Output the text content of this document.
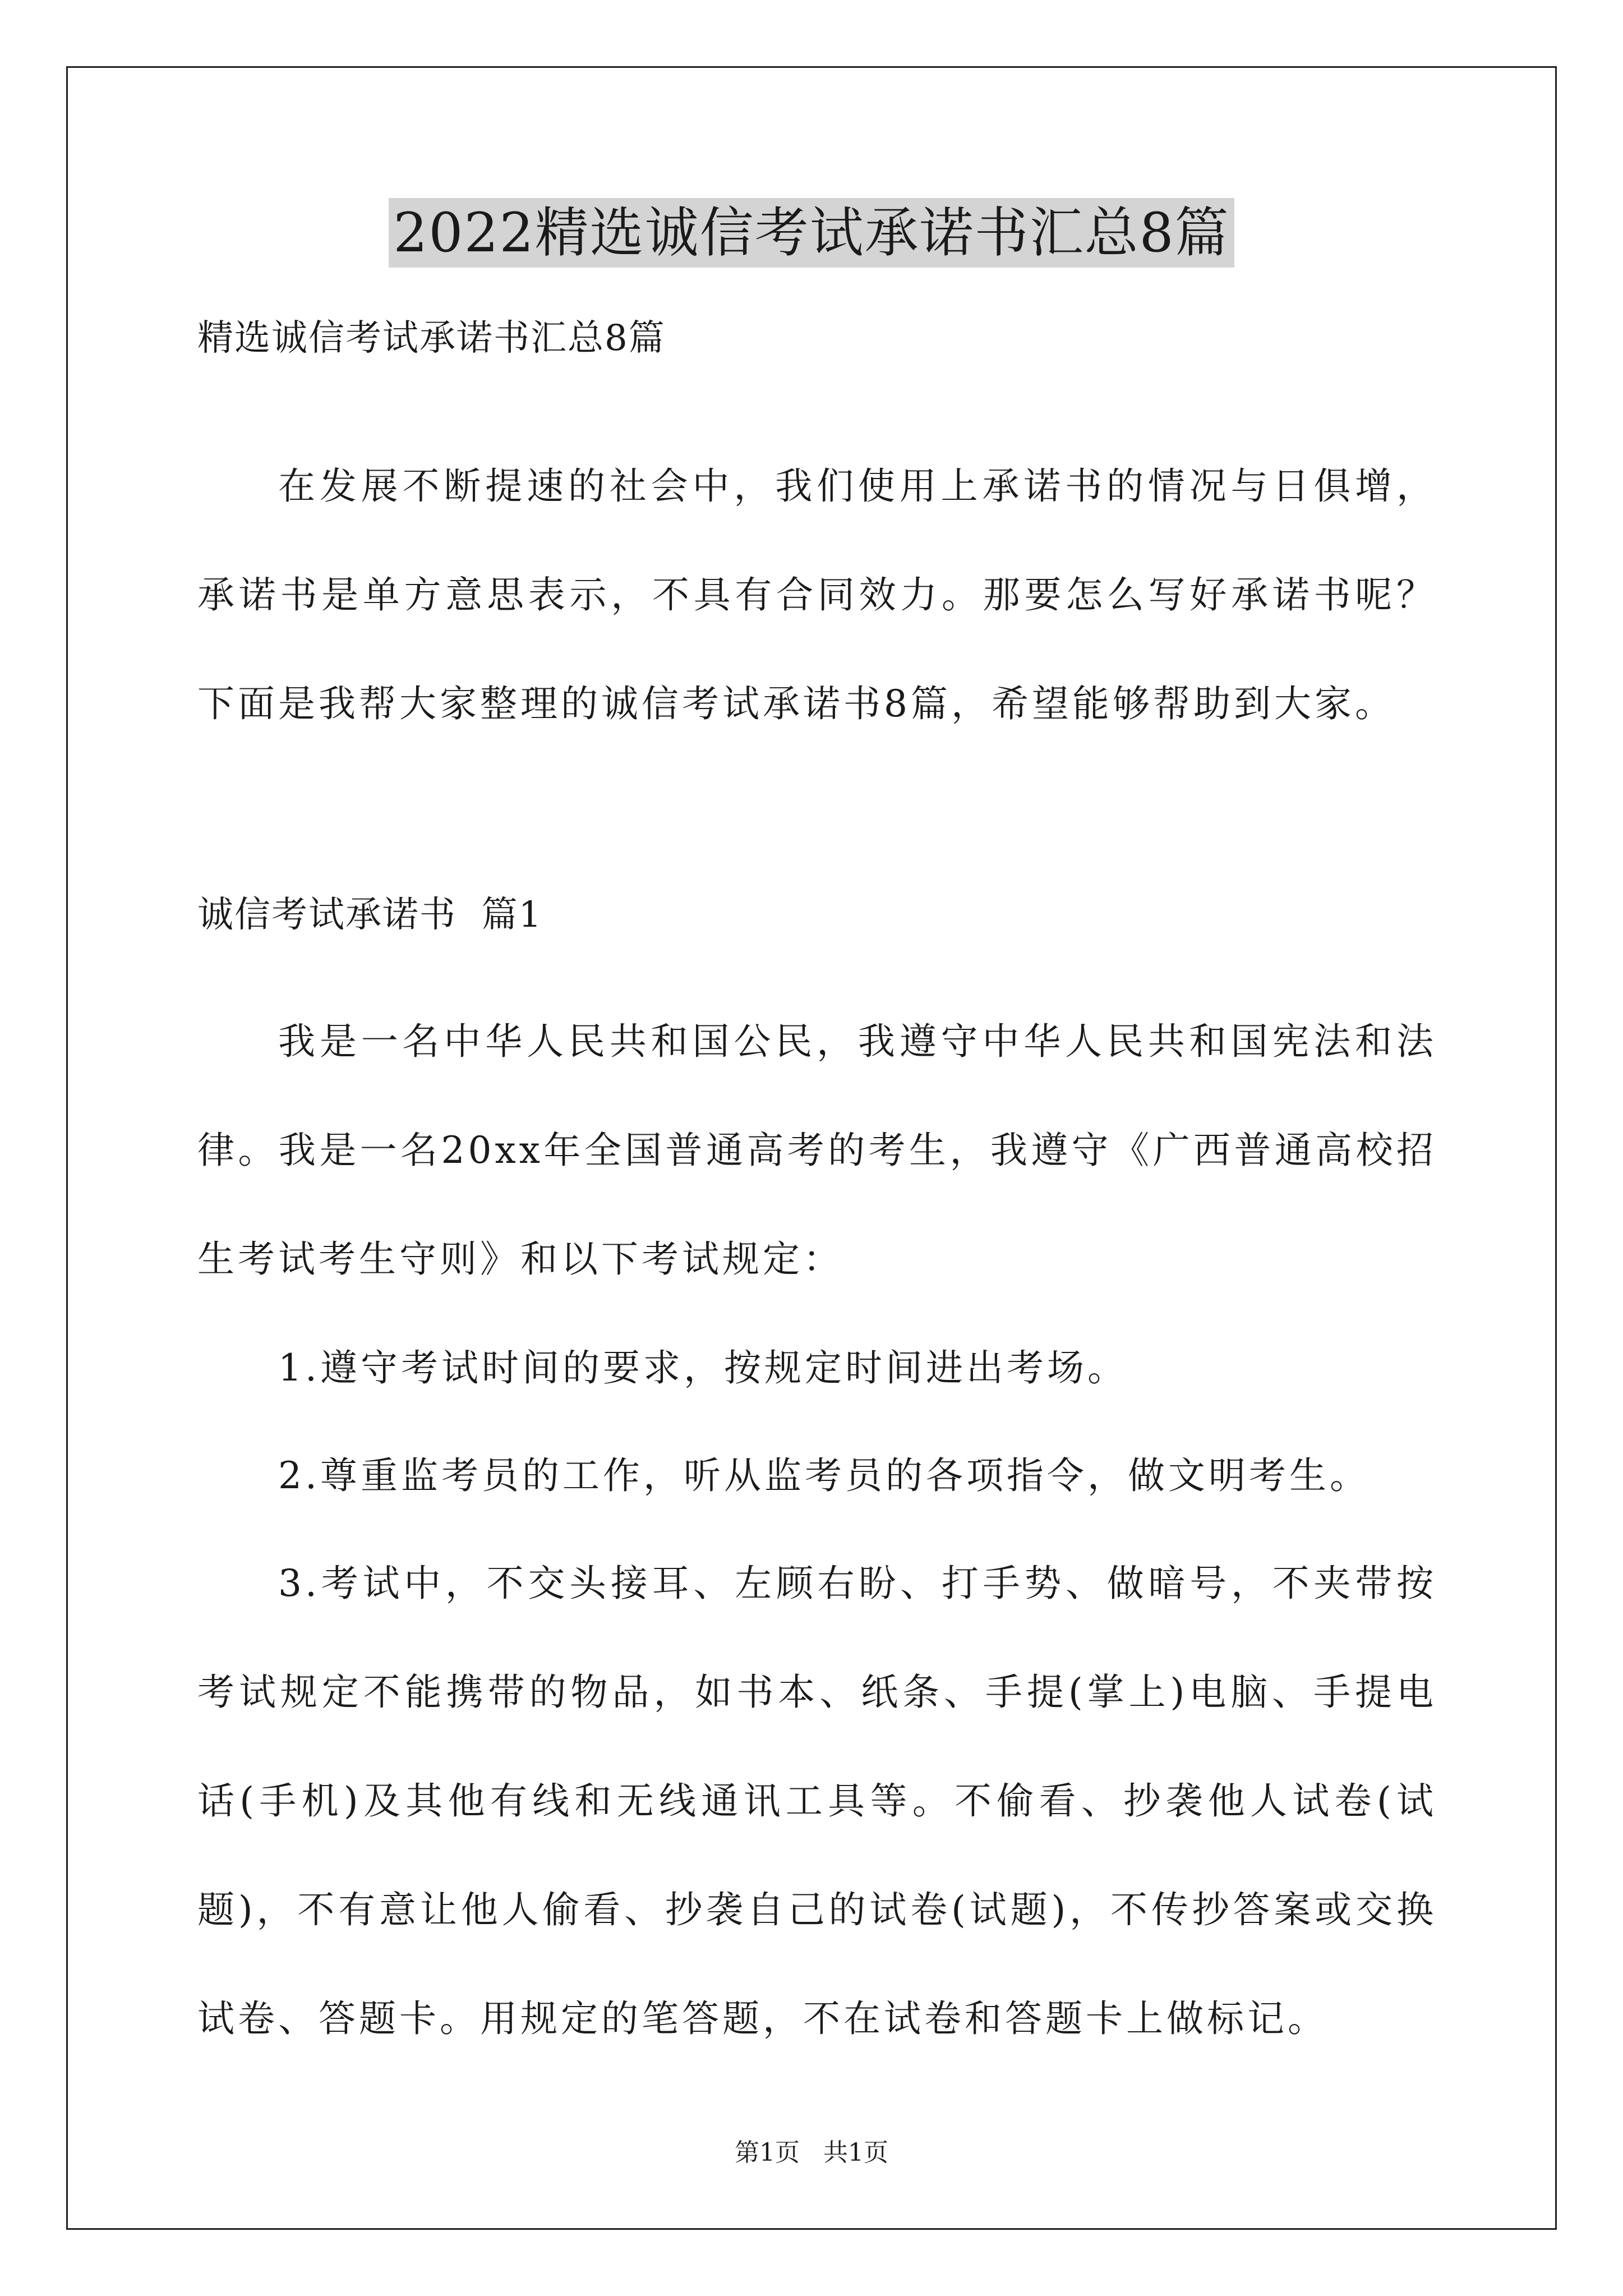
2022精选诚信考试承诺书汇总8篇
精选诚信考试承诺书汇总8篇

在发展不断提速的社会中，我们使用上承诺书的情况与日俱增，承诺书是单方意思表示，不具有合同效力。那要怎么写好承诺书呢？下面是我帮大家整理的诚信考试承诺书8篇，希望能够帮助到大家。

诚信考试承诺书  篇1

我是一名中华人民共和国公民，我遵守中华人民共和国宪法和法律。我是一名20xx年全国普通高考的考生，我遵守《广西普通高校招生考试考生守则》和以下考试规定：

1.遵守考试时间的要求，按规定时间进出考场。

2.尊重监考员的工作，听从监考员的各项指令，做文明考生。

3.考试中，不交头接耳、左顾右盼、打手势、做暗号，不夹带按考试规定不能携带的物品，如书本、纸条、手提(掌上)电脑、手提电话(手机)及其他有线和无线通讯工具等。不偷看、抄袭他人试卷(试题)，不有意让他人偷看、抄袭自己的试卷(试题)，不传抄答案或交换试卷、答题卡。用规定的笔答题，不在试卷和答题卡上做标记。

第1页   共1页
